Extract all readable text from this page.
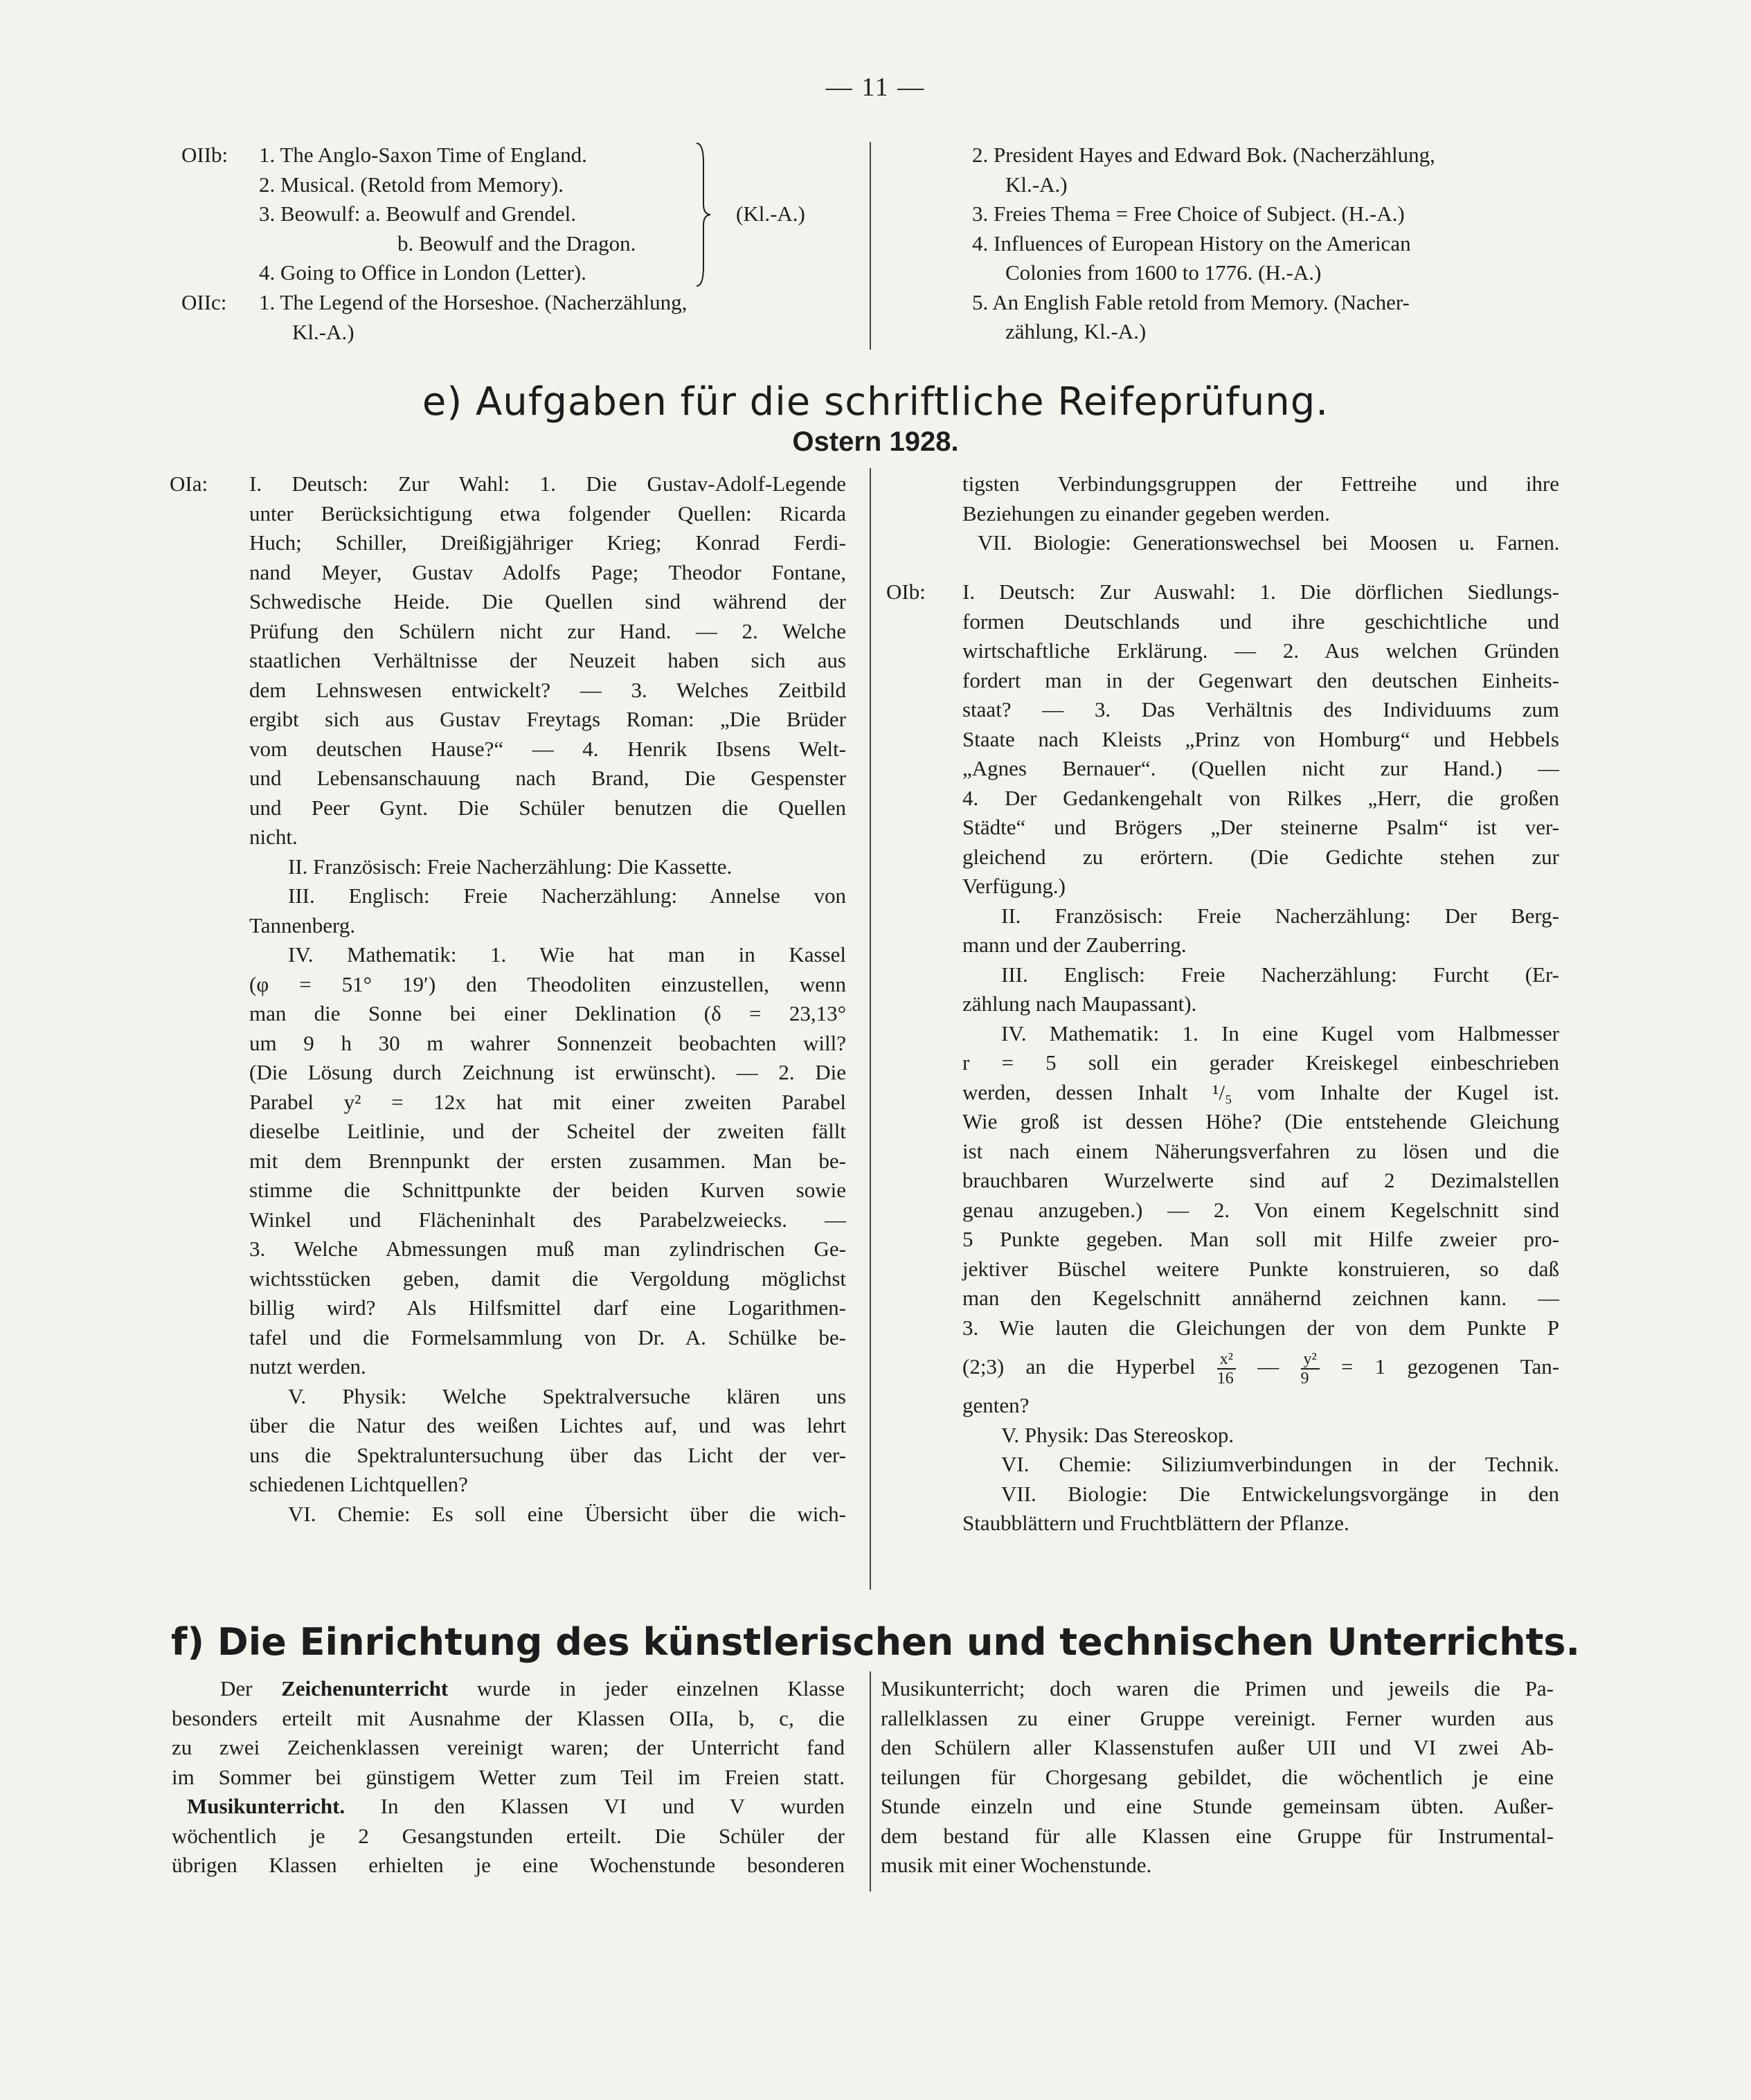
— 11 —
OIIb: 1. The Anglo-Saxon Time of England.
2. Musical. (Retold from Memory).
3. Beowulf: a. Beowulf and Grendel.
b. Beowulf and the Dragon.
4. Going to Office in London (Letter).
(Kl.-A.)
OIIc: 1. The Legend of the Horseshoe. (Nacherzählung,
Kl.-A.)
2. President Hayes and Edward Bok. (Nacherzählung,
Kl.-A.)
3. Freies Thema = Free Choice of Subject. (H.-A.)
4. Influences of European History on the American
Colonies from 1600 to 1776. (H.-A.)
5. An English Fable retold from Memory. (Nacher-
zählung, Kl.-A.)
e) Aufgaben für die schriftliche Reifeprüfung.
Ostern 1928.
OIa: I. Deutsch: Zur Wahl: 1. Die Gustav-Adolf-Legende
unter Berücksichtigung etwa folgender Quellen: Ricarda
Huch; Schiller, Dreißigjähriger Krieg; Konrad Ferdi-
nand Meyer, Gustav Adolfs Page; Theodor Fontane,
Schwedische Heide. Die Quellen sind während der
Prüfung den Schülern nicht zur Hand. — 2. Welche
staatlichen Verhältnisse der Neuzeit haben sich aus
dem Lehnswesen entwickelt? — 3. Welches Zeitbild
ergibt sich aus Gustav Freytags Roman: „Die Brüder
vom deutschen Hause?“ — 4. Henrik Ibsens Welt-
und Lebensanschauung nach Brand, Die Gespenster
und Peer Gynt. Die Schüler benutzen die Quellen
nicht.
II. Französisch: Freie Nacherzählung: Die Kassette.
III. Englisch: Freie Nacherzählung: Annelse von
Tannenberg.
IV. Mathematik: 1. Wie hat man in Kassel
(φ = 51° 19′) den Theodoliten einzustellen, wenn
man die Sonne bei einer Deklination (δ = 23,13°
um 9 h 30 m wahrer Sonnenzeit beobachten will?
(Die Lösung durch Zeichnung ist erwünscht). — 2. Die
Parabel y² = 12x hat mit einer zweiten Parabel
dieselbe Leitlinie, und der Scheitel der zweiten fällt
mit dem Brennpunkt der ersten zusammen. Man be-
stimme die Schnittpunkte der beiden Kurven sowie
Winkel und Flächeninhalt des Parabelzweiecks. —
3. Welche Abmessungen muß man zylindrischen Ge-
wichtsstücken geben, damit die Vergoldung möglichst
billig wird? Als Hilfsmittel darf eine Logarithmen-
tafel und die Formelsammlung von Dr. A. Schülke be-
nutzt werden.
V. Physik: Welche Spektralversuche klären uns
über die Natur des weißen Lichtes auf, und was lehrt
uns die Spektraluntersuchung über das Licht der ver-
schiedenen Lichtquellen?
VI. Chemie: Es soll eine Übersicht über die wich-
tigsten Verbindungsgruppen der Fettreihe und ihre
Beziehungen zu einander gegeben werden.
VII. Biologie: Generationswechsel bei Moosen u. Farnen.
OIb: I. Deutsch: Zur Auswahl: 1. Die dörflichen Siedlungs-
formen Deutschlands und ihre geschichtliche und
wirtschaftliche Erklärung. — 2. Aus welchen Gründen
fordert man in der Gegenwart den deutschen Einheits-
staat? — 3. Das Verhältnis des Individuums zum
Staate nach Kleists „Prinz von Homburg“ und Hebbels
„Agnes Bernauer“. (Quellen nicht zur Hand.) —
4. Der Gedankengehalt von Rilkes „Herr, die großen
Städte“ und Brögers „Der steinerne Psalm“ ist ver-
gleichend zu erörtern. (Die Gedichte stehen zur
Verfügung.)
II. Französisch: Freie Nacherzählung: Der Berg-
mann und der Zauberring.
III. Englisch: Freie Nacherzählung: Furcht (Er-
zählung nach Maupassant).
IV. Mathematik: 1. In eine Kugel vom Halbmesser
r = 5 soll ein gerader Kreiskegel einbeschrieben
werden, dessen Inhalt ¹/₅ vom Inhalte der Kugel ist.
Wie groß ist dessen Höhe? (Die entstehende Gleichung
ist nach einem Näherungsverfahren zu lösen und die
brauchbaren Wurzelwerte sind auf 2 Dezimalstellen
genau anzugeben.) — 2. Von einem Kegelschnitt sind
5 Punkte gegeben. Man soll mit Hilfe zweier pro-
jektiver Büschel weitere Punkte konstruieren, so daß
man den Kegelschnitt annähernd zeichnen kann. —
3. Wie lauten die Gleichungen der von dem Punkte P
(2;3) an die Hyperbel $\frac{\text{x²}}{16}$ — $\frac{\text{y²}}{9} = 1$ gezogenen Tan-
genten?
V. Physik: Das Stereoskop.
VI. Chemie: Siliziumverbindungen in der Technik.
VII. Biologie: Die Entwickelungsvorgänge in den
Staubblättern und Fruchtblättern der Pflanze.
f) Die Einrichtung des künstlerischen und technischen Unterrichts.
Der Zeichenunterricht wurde in jeder einzelnen Klasse
besonders erteilt mit Ausnahme der Klassen OIIa, b, c, die
zu zwei Zeichenklassen vereinigt waren; der Unterricht fand
im Sommer bei günstigem Wetter zum Teil im Freien statt.
Musikunterricht. In den Klassen VI und V wurden
wöchentlich je 2 Gesangstunden erteilt. Die Schüler der
übrigen Klassen erhielten je eine Wochenstunde besonderen
Musikunterricht; doch waren die Primen und jeweils die Pa-
rallelklassen zu einer Gruppe vereinigt. Ferner wurden aus
den Schülern aller Klassenstufen außer UII und VI zwei Ab-
teilungen für Chorgesang gebildet, die wöchentlich je eine
Stunde einzeln und eine Stunde gemeinsam übten. Außer-
dem bestand für alle Klassen eine Gruppe für Instrumental-
musik mit einer Wochenstunde.
